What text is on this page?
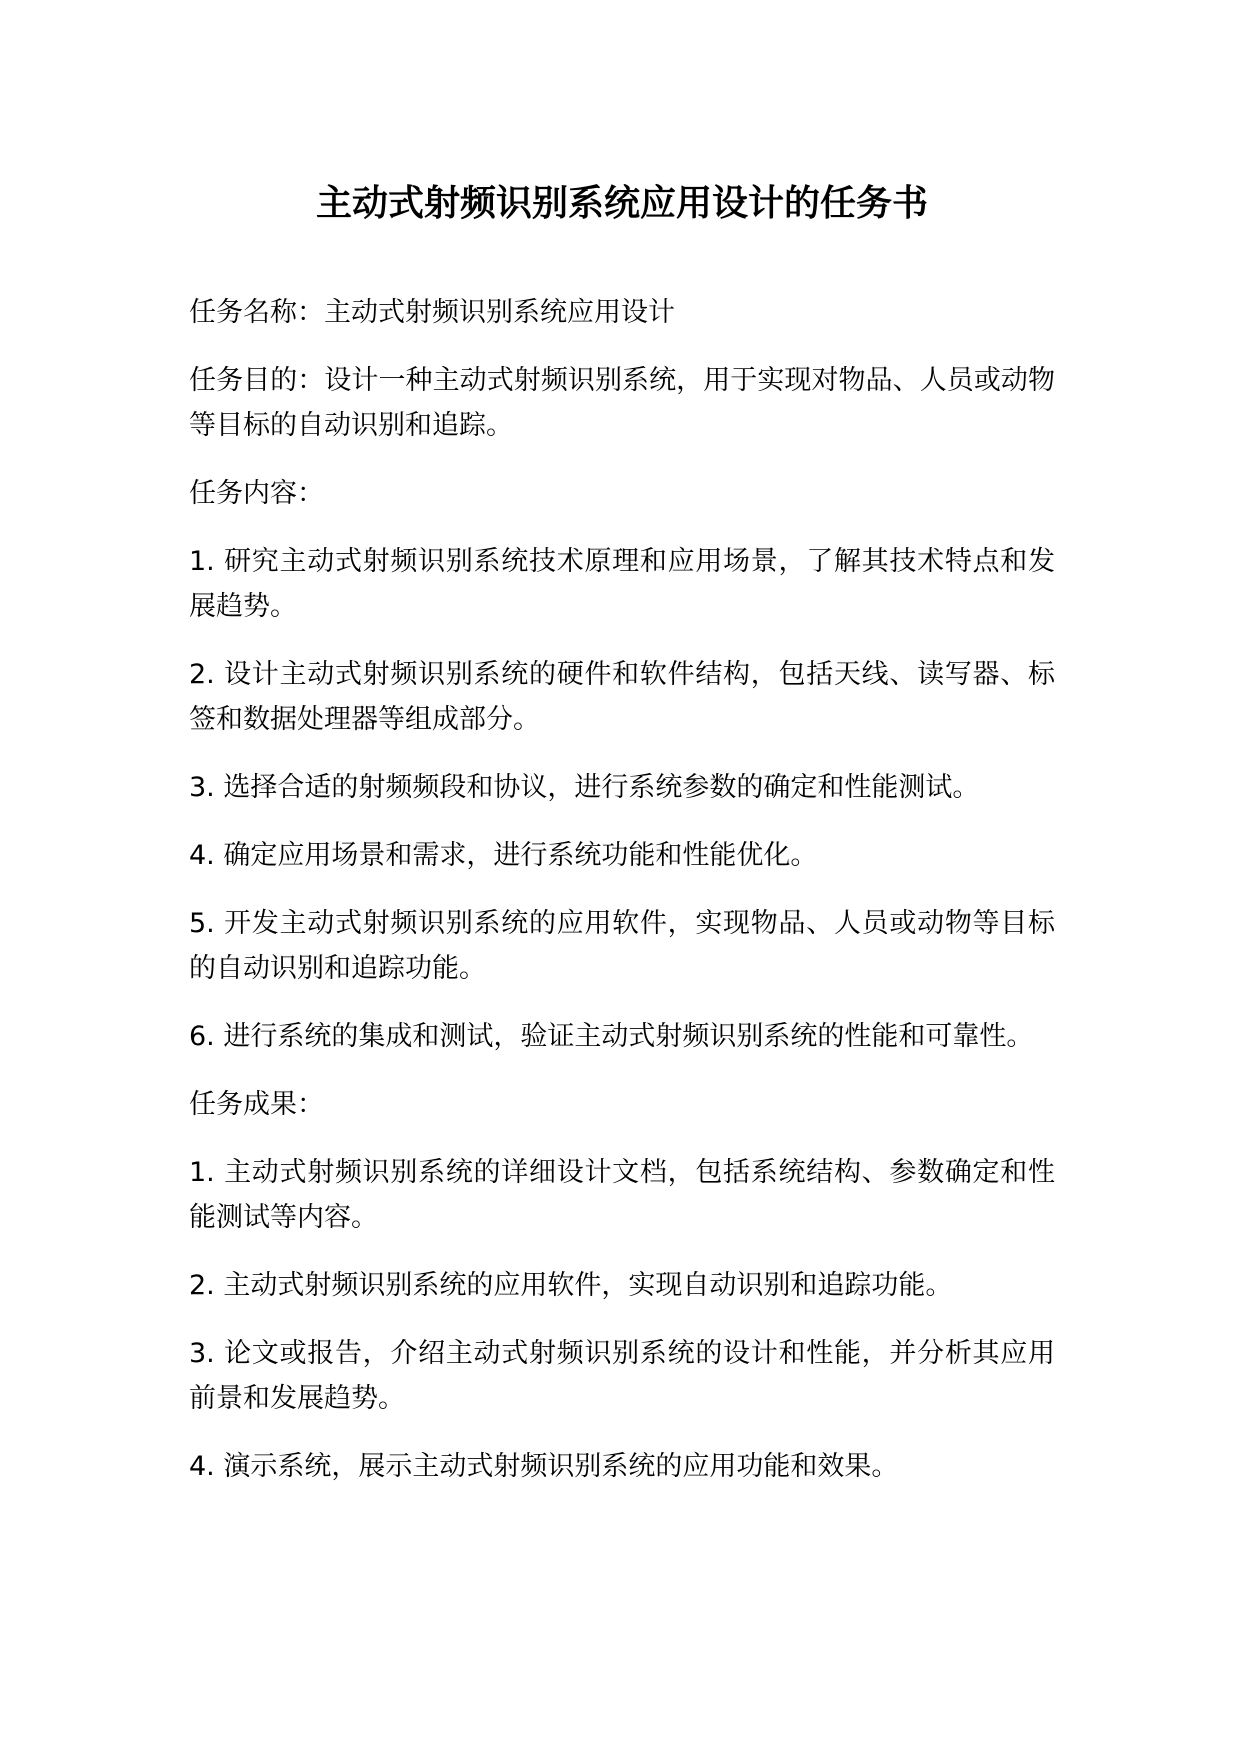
主动式射频识别系统应用设计的任务书

任务名称：主动式射频识别系统应用设计

任务目的：设计一种主动式射频识别系统，用于实现对物品、人员或动物等目标的自动识别和追踪。

任务内容：

1. 研究主动式射频识别系统技术原理和应用场景，了解其技术特点和发展趋势。

2. 设计主动式射频识别系统的硬件和软件结构，包括天线、读写器、标签和数据处理器等组成部分。

3. 选择合适的射频频段和协议，进行系统参数的确定和性能测试。

4. 确定应用场景和需求，进行系统功能和性能优化。

5. 开发主动式射频识别系统的应用软件，实现物品、人员或动物等目标的自动识别和追踪功能。

6. 进行系统的集成和测试，验证主动式射频识别系统的性能和可靠性。

任务成果：

1. 主动式射频识别系统的详细设计文档，包括系统结构、参数确定和性能测试等内容。

2. 主动式射频识别系统的应用软件，实现自动识别和追踪功能。

3. 论文或报告，介绍主动式射频识别系统的设计和性能，并分析其应用前景和发展趋势。

4. 演示系统，展示主动式射频识别系统的应用功能和效果。
